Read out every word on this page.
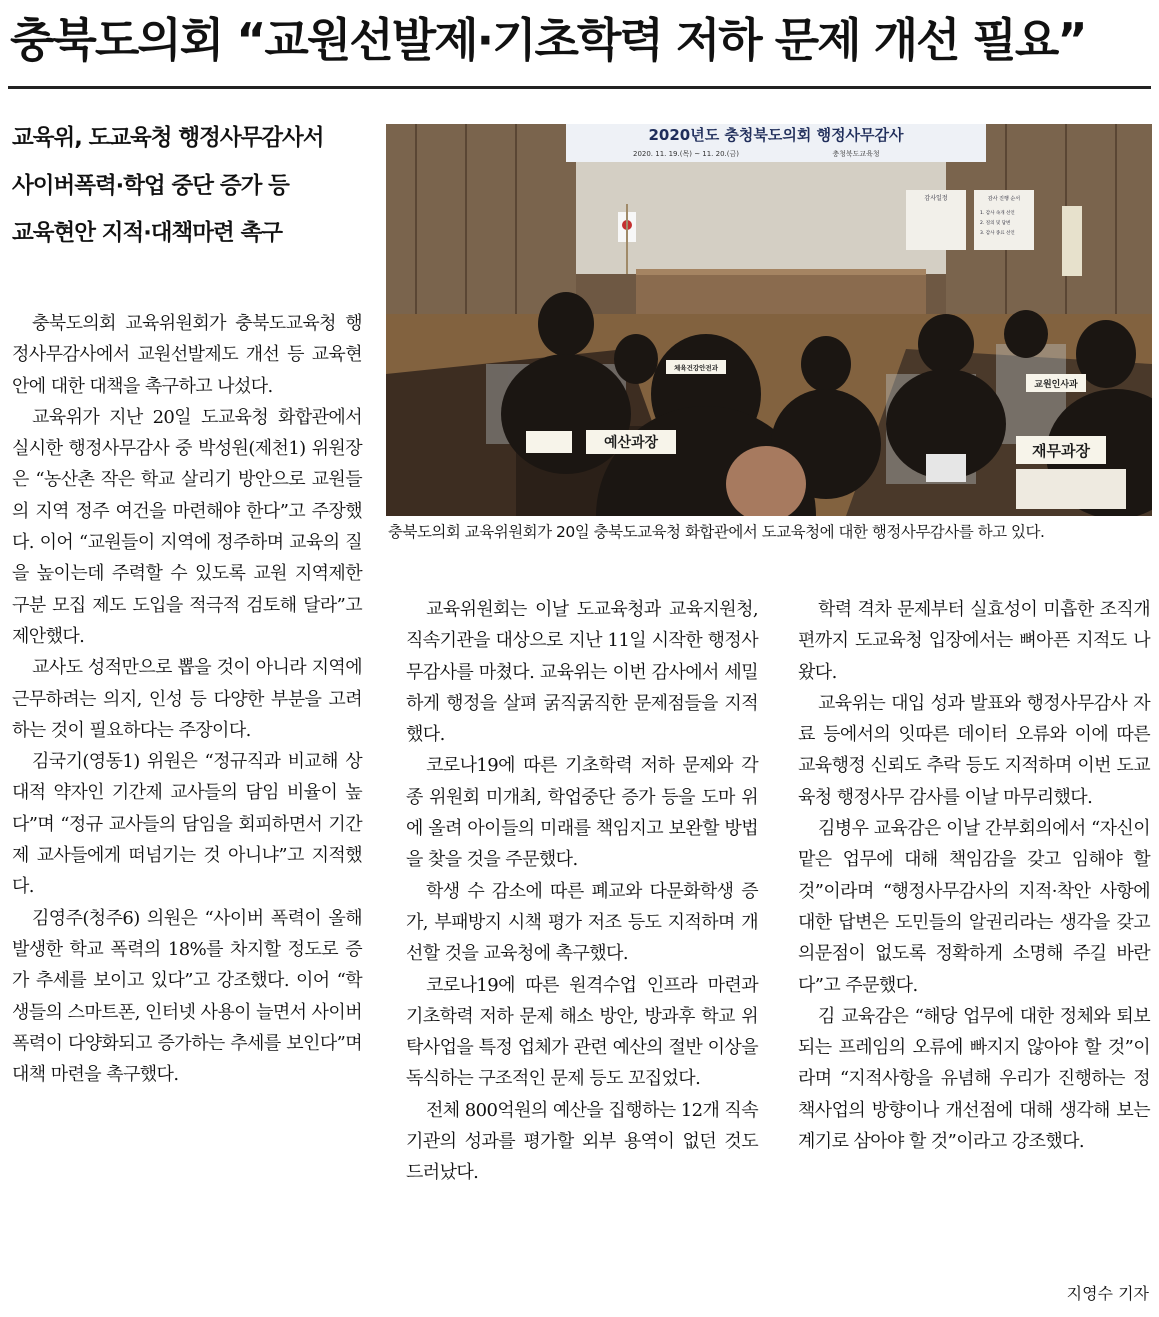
충북도의회 “교원선발제·기초학력 저하 문제 개선 필요”
교육위, 도교육청 행정사무감사서
사이버폭력·학업 중단 증가 등
교육현안 지적·대책마련 촉구
2020년도 충청북도의회 행정사무감사
2020. 11. 19.(목) ~ 11. 20.(금)	충청북도교육청
감사일정	감사 진행 순서
1. 감사 속개 선언
2. 질의 및 답변
3. 감사 종료 선언
예산과장	재무과장
교원인사과
체육건강안전과
충북도의회 교육위원회가 20일 충북도교육청 화합관에서 도교육청에 대한 행정사무감사를 하고 있다.

충북도의회 교육위원회가 충북도교육청 행정사무감사에서 교원선발제도 개선 등 교육현안에 대한 대책을 촉구하고 나섰다.

교육위가 지난 20일 도교육청 화합관에서 실시한 행정사무감사 중 박성원(제천1) 위원장은 “농산촌 작은 학교 살리기 방안으로 교원들의 지역 정주 여건을 마련해야 한다”고 주장했다. 이어 “교원들이 지역에 정주하며 교육의 질을 높이는데 주력할 수 있도록 교원 지역제한 구분 모집 제도 도입을 적극적 검토해 달라”고 제안했다.

교사도 성적만으로 뽑을 것이 아니라 지역에 근무하려는 의지, 인성 등 다양한 부분을 고려하는 것이 필요하다는 주장이다.

김국기(영동1) 위원은 “정규직과 비교해 상대적 약자인 기간제 교사들의 담임 비율이 높다”며 “정규 교사들의 담임을 회피하면서 기간제 교사들에게 떠넘기는 것 아니냐”고 지적했다.

김영주(청주6) 의원은 “사이버 폭력이 올해 발생한 학교 폭력의 18%를 차지할 정도로 증가 추세를 보이고 있다”고 강조했다. 이어 “학생들의 스마트폰, 인터넷 사용이 늘면서 사이버 폭력이 다양화되고 증가하는 추세를 보인다”며 대책 마련을 촉구했다.

교육위원회는 이날 도교육청과 교육지원청, 직속기관을 대상으로 지난 11일 시작한 행정사무감사를 마쳤다. 교육위는 이번 감사에서 세밀하게 행정을 살펴 굵직굵직한 문제점들을 지적했다.

코로나19에 따른 기초학력 저하 문제와 각종 위원회 미개최, 학업중단 증가 등을 도마 위에 올려 아이들의 미래를 책임지고 보완할 방법을 찾을 것을 주문했다.

학생 수 감소에 따른 폐교와 다문화학생 증가, 부패방지 시책 평가 저조 등도 지적하며 개선할 것을 교육청에 촉구했다.

코로나19에 따른 원격수업 인프라 마련과 기초학력 저하 문제 해소 방안, 방과후 학교 위탁사업을 특정 업체가 관련 예산의 절반 이상을 독식하는 구조적인 문제 등도 꼬집었다.

전체 800억원의 예산을 집행하는 12개 직속 기관의 성과를 평가할 외부 용역이 없던 것도 드러났다.

학력 격차 문제부터 실효성이 미흡한 조직개편까지 도교육청 입장에서는 뼈아픈 지적도 나왔다.

교육위는 대입 성과 발표와 행정사무감사 자료 등에서의 잇따른 데이터 오류와 이에 따른 교육행정 신뢰도 추락 등도 지적하며 이번 도교육청 행정사무 감사를 이날 마무리했다.

김병우 교육감은 이날 간부회의에서 “자신이 맡은 업무에 대해 책임감을 갖고 임해야 할 것”이라며 “행정사무감사의 지적·착안 사항에 대한 답변은 도민들의 알권리라는 생각을 갖고 의문점이 없도록 정확하게 소명해 주길 바란다”고 주문했다.

김 교육감은 “해당 업무에 대한 정체와 퇴보되는 프레임의 오류에 빠지지 않아야 할 것”이라며 “지적사항을 유념해 우리가 진행하는 정책사업의 방향이나 개선점에 대해 생각해 보는 계기로 삼아야 할 것”이라고 강조했다.

지영수 기자
